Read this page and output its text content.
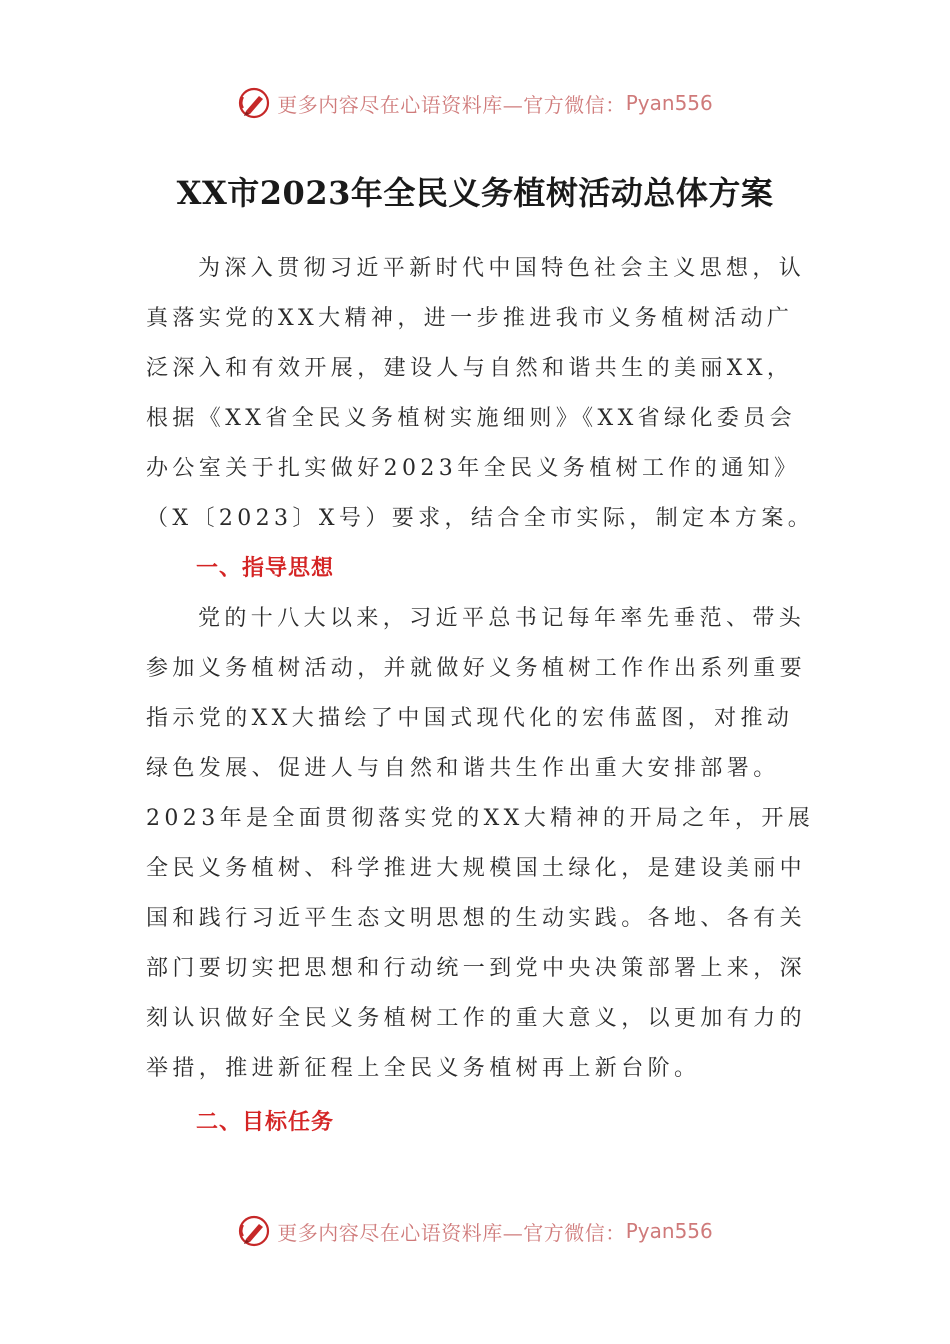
更多内容尽在心语资料库—官方微信： Pyan556
XX市2023年全民义务植树活动总体方案

为深入贯彻习近平新时代中国特色社会主义思想，认真落实党的XX大精神，进一步推进我市义务植树活动广泛深入和有效开展，建设人与自然和谐共生的美丽XX，根据《XX省全民义务植树实施细则》《XX省绿化委员会办公室关于扎实做好2023年全民义务植树工作的通知》（X〔2023〕X号）要求，结合全市实际，制定本方案。

一、指导思想

党的十八大以来，习近平总书记每年率先垂范、带头参加义务植树活动，并就做好义务植树工作作出系列重要指示党的XX大描绘了中国式现代化的宏伟蓝图，对推动绿色发展、促进人与自然和谐共生作出重大安排部署。2023年是全面贯彻落实党的XX大精神的开局之年，开展全民义务植树、科学推进大规模国土绿化，是建设美丽中国和践行习近平生态文明思想的生动实践。各地、各有关部门要切实把思想和行动统一到党中央决策部署上来，深刻认识做好全民义务植树工作的重大意义，以更加有力的举措，推进新征程上全民义务植树再上新台阶。

二、目标任务

更多内容尽在心语资料库—官方微信： Pyan556
